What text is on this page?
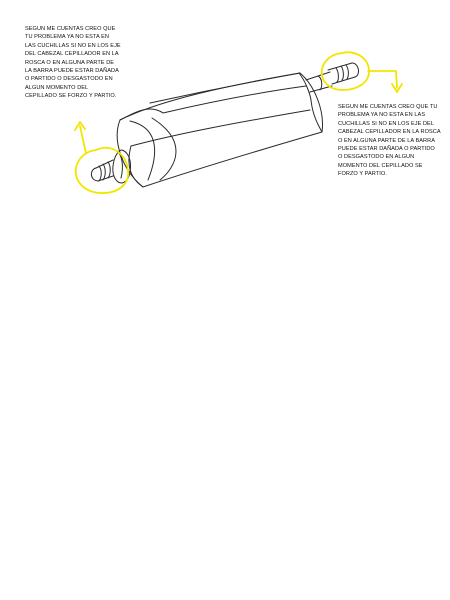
SEGUN ME CUENTAS CREO QUE
TU PROBLEMA YA NO ESTA EN
LAS CUCHILLAS SI NO EN LOS EJE
DEL CABEZAL CEPILLADOR EN LA
ROSCA O EN ALGUNA PARTE DE
LA BARRA PUEDE ESTAR DAÑADA
O PARTIDO O DESGASTODO EN
ALGUN MOMENTO DEL
CEPILLADO SE FORZO Y PARTIO.
SEGUN ME CUENTAS CREO QUE TU
PROBLEMA YA NO ESTA EN LAS
CUCHILLAS SI NO EN LOS EJE DEL
CABEZAL CEPILLADOR EN LA ROSCA
O EN ALGUNA PARTE DE LA BARRA
PUEDE ESTAR DAÑADA O PARTIDO
O DESGASTODO EN ALGUN
MOMENTO DEL CEPILLADO SE
FORZO Y PARTIO.
